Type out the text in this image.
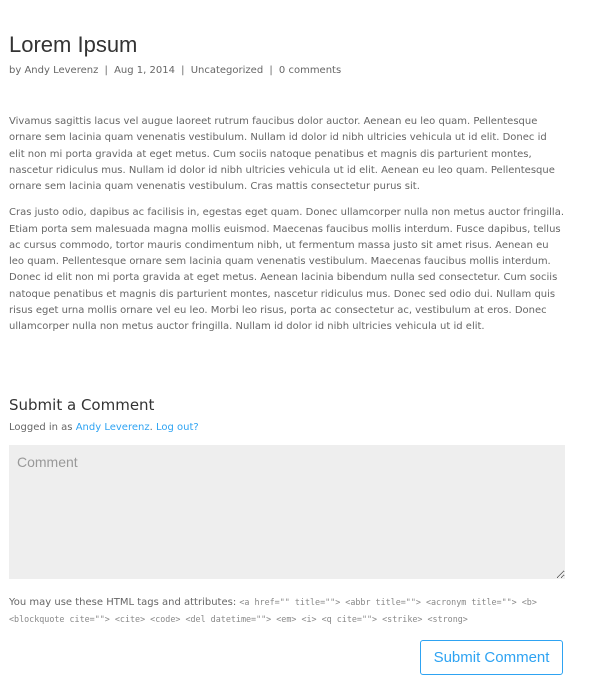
Lorem Ipsum
by Andy Leverenz | Aug 1, 2014 | Uncategorized | 0 comments

Vivamus sagittis lacus vel augue laoreet rutrum faucibus dolor auctor. Aenean eu leo quam. Pellentesque ornare sem lacinia quam venenatis vestibulum. Nullam id dolor id nibh ultricies vehicula ut id elit. Donec id elit non mi porta gravida at eget metus. Cum sociis natoque penatibus et magnis dis parturient montes, nascetur ridiculus mus. Nullam id dolor id nibh ultricies vehicula ut id elit. Aenean eu leo quam. Pellentesque ornare sem lacinia quam venenatis vestibulum. Cras mattis consectetur purus sit.

Cras justo odio, dapibus ac facilisis in, egestas eget quam. Donec ullamcorper nulla non metus auctor fringilla. Etiam porta sem malesuada magna mollis euismod. Maecenas faucibus mollis interdum. Fusce dapibus, tellus ac cursus commodo, tortor mauris condimentum nibh, ut fermentum massa justo sit amet risus. Aenean eu leo quam. Pellentesque ornare sem lacinia quam venenatis vestibulum. Maecenas faucibus mollis interdum. Donec id elit non mi porta gravida at eget metus. Aenean lacinia bibendum nulla sed consectetur. Cum sociis natoque penatibus et magnis dis parturient montes, nascetur ridiculus mus. Donec sed odio dui. Nullam quis risus eget urna mollis ornare vel eu leo. Morbi leo risus, porta ac consectetur ac, vestibulum at eros. Donec ullamcorper nulla non metus auctor fringilla. Nullam id dolor id nibh ultricies vehicula ut id elit.

Submit a Comment
Logged in as Andy Leverenz. Log out?
Comment
You may use these HTML tags and attributes: <a href="" title=""> <abbr title=""> <acronym title=""> <b> <blockquote cite=""> <cite> <code> <del datetime=""> <em> <i> <q cite=""> <strike> <strong>
Submit Comment
